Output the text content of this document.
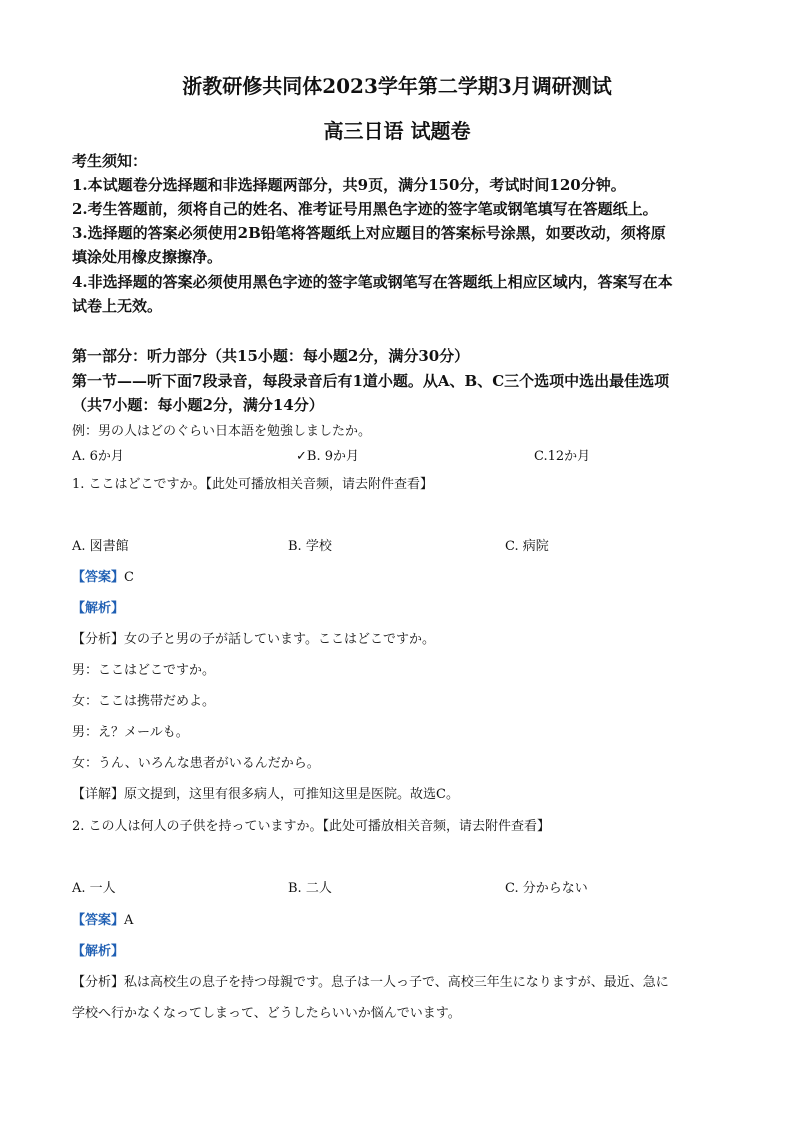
浙教研修共同体2023学年第二学期3月调研测试
高三日语 试题卷
考生须知：
1.本试题卷分选择题和非选择题两部分，共9页，满分150分，考试时间120分钟。
2.考生答题前，须将自己的姓名、准考证号用黑色字迹的签字笔或钢笔填写在答题纸上。
3.选择题的答案必须使用2B铅笔将答题纸上对应题目的答案标号涂黑，如要改动，须将原
填涂处用橡皮擦擦净。
4.非选择题的答案必须使用黑色字迹的签字笔或钢笔写在答题纸上相应区域内，答案写在本
试卷上无效。
第一部分：听力部分（共15小题：每小题2分，满分30分）
第一节——听下面7段录音，每段录音后有1道小题。从A、B、C三个选项中选出最佳选项
（共7小题：每小题2分，满分14分）
例：男の人はどのぐらい日本語を勉強しましたか。
A. 6か月	✓B. 9か月	C.12か月
1. ここはどこですか。【此处可播放相关音频，请去附件查看】
A. 図書館	B. 学校	C. 病院
【答案】C
【解析】
【分析】女の子と男の子が話しています。ここはどこですか。
男：ここはどこですか。
女：ここは携帯だめよ。
男：え？メールも。
女：うん、いろんな患者がいるんだから。
【详解】原文提到，这里有很多病人，可推知这里是医院。故选C。
2. この人は何人の子供を持っていますか。【此处可播放相关音频，请去附件查看】
A. 一人	B. 二人	C. 分からない
【答案】A
【解析】
【分析】私は高校生の息子を持つ母親です。息子は一人っ子で、高校三年生になりますが、最近、急に
学校へ行かなくなってしまって、どうしたらいいか悩んでいます。
